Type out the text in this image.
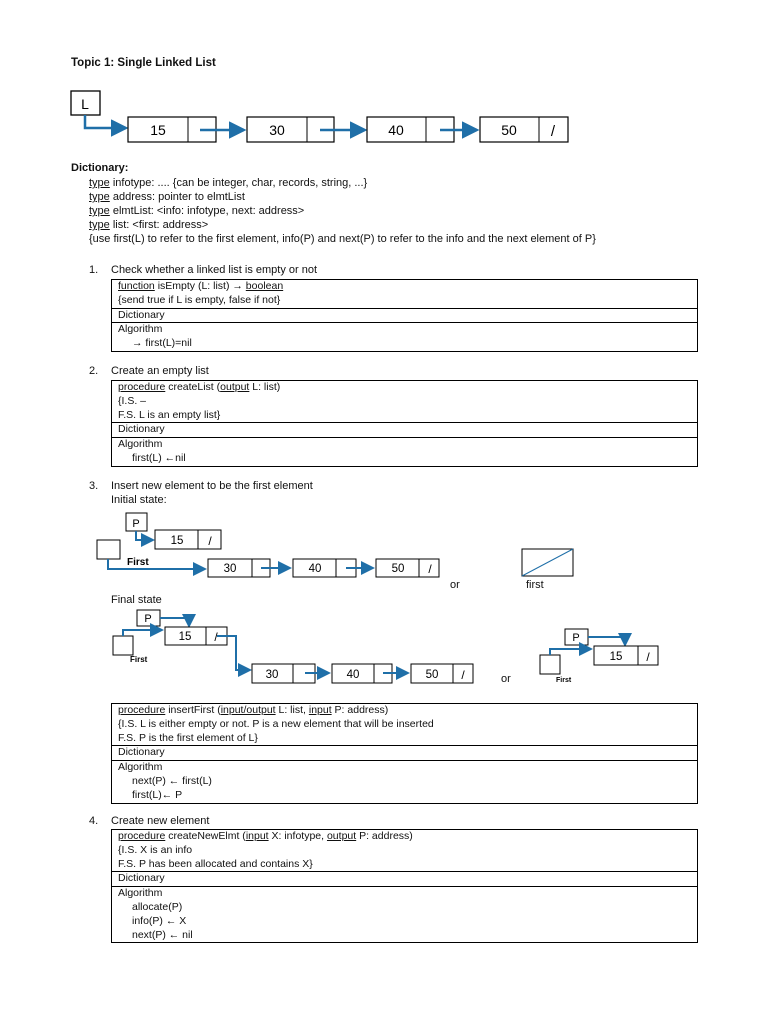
Topic 1: Single Linked List
L
15	30	40	50 /
P
15 /
First
30	40	50 /
P
15 /
First
30	40	50 /
P
15 /
First
Dictionary:
type infotype: .... {can be integer, char, records, string, ...}
type address: pointer to elmtList
type elmtList: <info: infotype, next: address>
type list: <first: address>
{use first(L) to refer to the first element, info(P) and next(P) to refer to the info and the next element of P}
1. Check whether a linked list is empty or not
function isEmpty (L: list) → boolean
{send true if L is empty, false if not}
Dictionary
Algorithm
→ first(L)=nil
2. Create an empty list
procedure createList (output L: list)
{I.S. –
F.S. L is an empty list}
Dictionary
Algorithm
first(L) ←nil
3. Insert new element to be the first element
Initial state:
or	first
Final state
or
procedure insertFirst (input/output L: list, input P: address)
{I.S. L is either empty or not. P is a new element that will be inserted
F.S. P is the first element of L}
Dictionary
Algorithm
next(P) ← first(L)
first(L)← P
4. Create new element
procedure createNewElmt (input X: infotype, output P: address)
{I.S. X is an info
F.S. P has been allocated and contains X}
Dictionary
Algorithm
allocate(P)
info(P) ← X
next(P) ← nil
